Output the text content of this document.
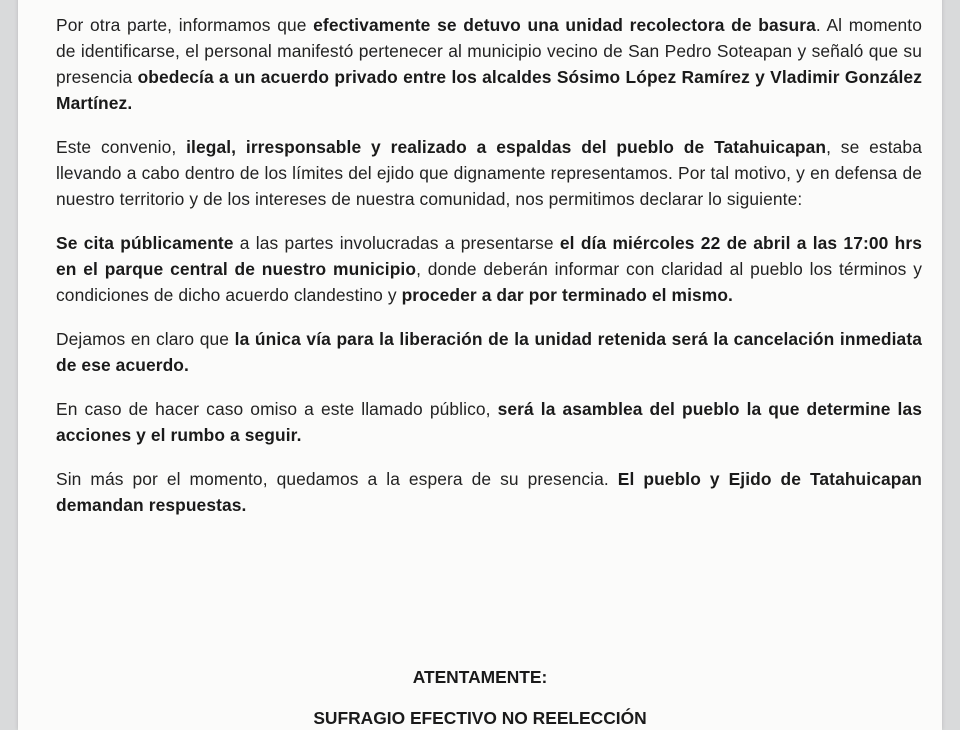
Por otra parte, informamos que efectivamente se detuvo una unidad recolectora de basura. Al momento de identificarse, el personal manifestó pertenecer al municipio vecino de San Pedro Soteapan y señaló que su presencia obedecía a un acuerdo privado entre los alcaldes Sósimo López Ramírez y Vladimir González Martínez.

Este convenio, ilegal, irresponsable y realizado a espaldas del pueblo de Tatahuicapan, se estaba llevando a cabo dentro de los límites del ejido que dignamente representamos. Por tal motivo, y en defensa de nuestro territorio y de los intereses de nuestra comunidad, nos permitimos declarar lo siguiente:

Se cita públicamente a las partes involucradas a presentarse el día miércoles 22 de abril a las 17:00 hrs en el parque central de nuestro municipio, donde deberán informar con claridad al pueblo los términos y condiciones de dicho acuerdo clandestino y proceder a dar por terminado el mismo.

Dejamos en claro que la única vía para la liberación de la unidad retenida será la cancelación inmediata de ese acuerdo.

En caso de hacer caso omiso a este llamado público, será la asamblea del pueblo la que determine las acciones y el rumbo a seguir.

Sin más por el momento, quedamos a la espera de su presencia. El pueblo y Ejido de Tatahuicapan demandan respuestas.

ATENTAMENTE:
SUFRAGIO EFECTIVO NO REELECCIÓN
